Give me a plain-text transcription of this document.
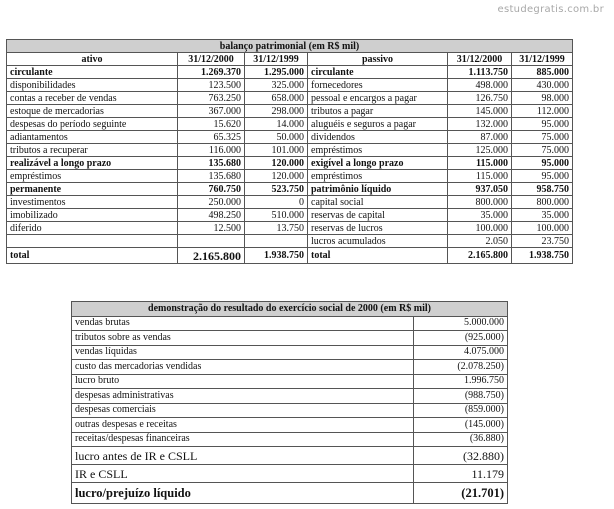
estudegratis.com.br
balanço patrimonial (em R$ mil)					
ativo	31/12/2000	31/12/1999	passivo	31/12/2000	31/12/1999
circulante	1.269.370	1.295.000	circulante	1.113.750	885.000
disponibilidades	123.500	325.000	fornecedores	498.000	430.000
contas a receber de vendas	763.250	658.000	pessoal e encargos a pagar	126.750	98.000
estoque de mercadorias	367.000	298.000	tributos a pagar	145.000	112.000
despesas do período seguinte	15.620	14.000	aluguéis e seguros a pagar	132.000	95.000
adiantamentos	65.325	50.000	dividendos	87.000	75.000
tributos a recuperar	116.000	101.000	empréstimos	125.000	75.000
realizável a longo prazo	135.680	120.000	exigível a longo prazo	115.000	95.000
empréstimos	135.680	120.000	empréstimos	115.000	95.000
permanente	760.750	523.750	patrimônio líquido	937.050	958.750
investimentos	250.000	0	capital social	800.000	800.000
imobilizado	498.250	510.000	reservas de capital	35.000	35.000
diferido	12.500	13.750	reservas de lucros	100.000	100.000
			lucros acumulados	2.050	23.750
total	2.165.800	1.938.750	total	2.165.800	1.938.750
demonstração do resultado do exercício social de 2000 (em R$ mil)	
vendas brutas	5.000.000
tributos sobre as vendas	(925.000)
vendas líquidas	4.075.000
custo das mercadorias vendidas	(2.078.250)
lucro bruto	1.996.750
despesas administrativas	(988.750)
despesas comerciais	(859.000)
outras despesas e receitas	(145.000)
receitas/despesas financeiras	(36.880)
lucro antes de IR e CSLL	(32.880)
IR e CSLL	11.179
lucro/prejuízo líquido	(21.701)
